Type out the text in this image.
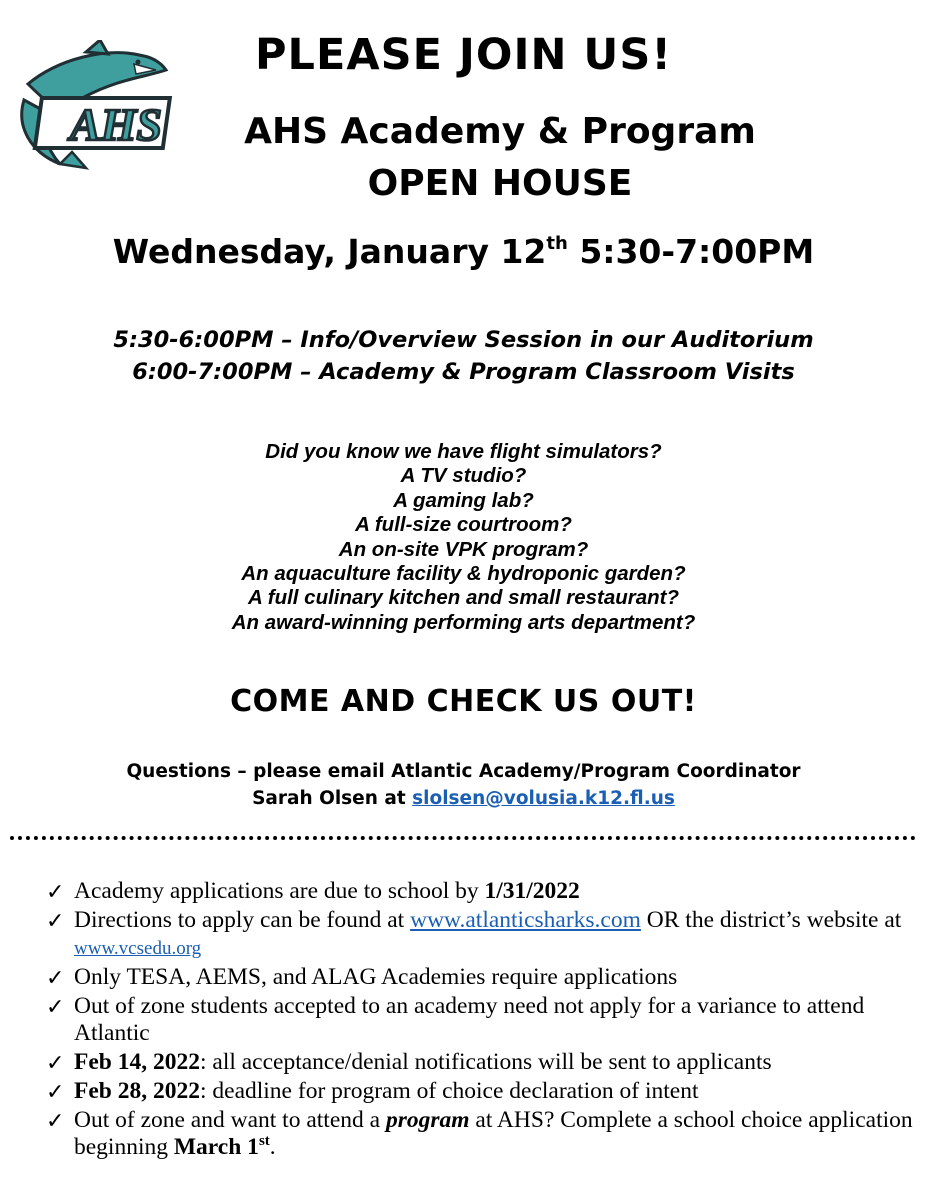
AHS
PLEASE JOIN US!
AHS Academy & Program
OPEN HOUSE
Wednesday, January 12th 5:30-7:00PM
5:30-6:00PM – Info/Overview Session in our Auditorium
6:00-7:00PM – Academy & Program Classroom Visits
Did you know we have flight simulators?
A TV studio?
A gaming lab?
A full-size courtroom?
An on-site VPK program?
An aquaculture facility & hydroponic garden?
A full culinary kitchen and small restaurant?
An award-winning performing arts department?
COME AND CHECK US OUT!
Questions – please email Atlantic Academy/Program Coordinator
Sarah Olsen at slolsen@volusia.k12.fl.us
✓ Academy applications are due to school by 1/31/2022
✓ Directions to apply can be found at www.atlanticsharks.com OR the district’s website at www.vcsedu.org
✓ Only TESA, AEMS, and ALAG Academies require applications
✓ Out of zone students accepted to an academy need not apply for a variance to attend Atlantic
✓ Feb 14, 2022: all acceptance/denial notifications will be sent to applicants
✓ Feb 28, 2022: deadline for program of choice declaration of intent
✓ Out of zone and want to attend a program at AHS? Complete a school choice application beginning March 1st.
